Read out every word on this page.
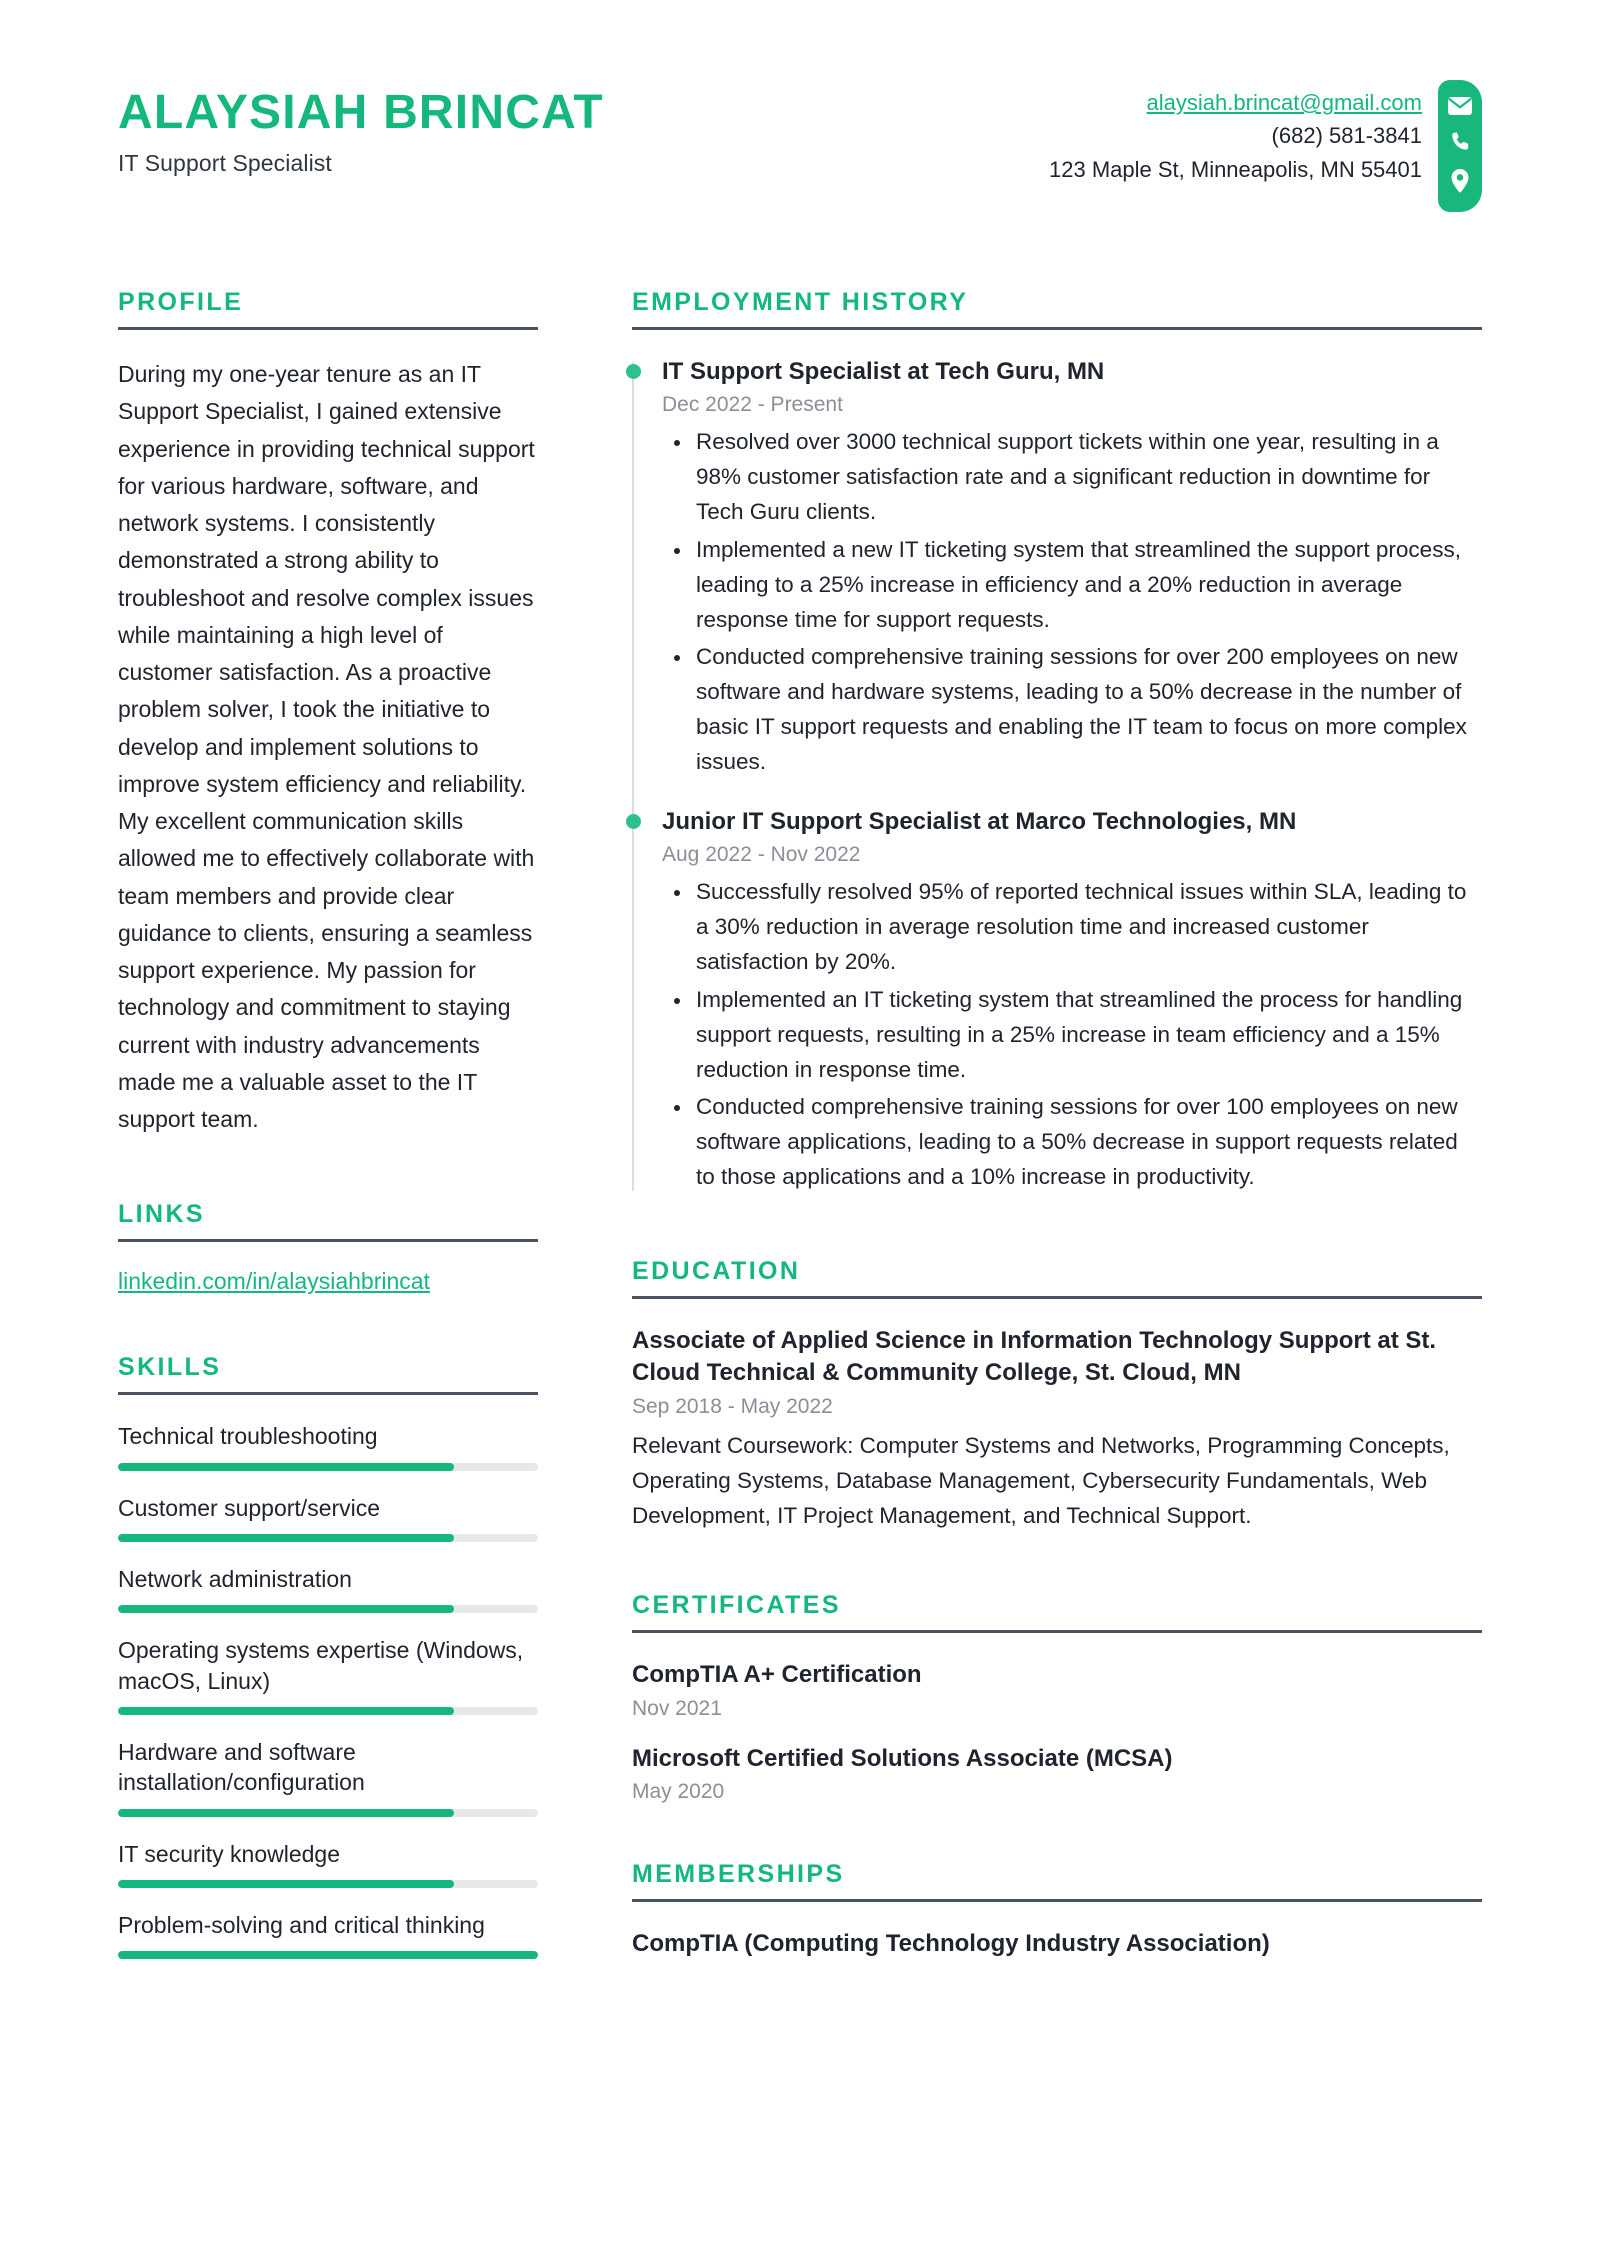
ALAYSIAH BRINCAT

IT Support Specialist

alaysiah.brincat@gmail.com
(682) 581-3841
123 Maple St, Minneapolis, MN 55401
PROFILE

During my one-year tenure as an IT Support Specialist, I gained extensive experience in providing technical support for various hardware, software, and network systems. I consistently demonstrated a strong ability to troubleshoot and resolve complex issues while maintaining a high level of customer satisfaction. As a proactive problem solver, I took the initiative to develop and implement solutions to improve system efficiency and reliability. My excellent communication skills allowed me to effectively collaborate with team members and provide clear guidance to clients, ensuring a seamless support experience. My passion for technology and commitment to staying current with industry advancements made me a valuable asset to the IT support team.

LINKS
linkedin.com/in/alaysiahbrincat
SKILLS
Technical troubleshooting
Customer support/service
Network administration
Operating systems expertise (Windows, macOS, Linux)
Hardware and software installation/configuration
IT security knowledge
Problem-solving and critical thinking
EMPLOYMENT HISTORY
IT Support Specialist at Tech Guru, MN

Dec 2022 - Present

Resolved over 3000 technical support tickets within one year, resulting in a 98% customer satisfaction rate and a significant reduction in downtime for Tech Guru clients.
Implemented a new IT ticketing system that streamlined the support process, leading to a 25% increase in efficiency and a 20% reduction in average response time for support requests.
Conducted comprehensive training sessions for over 200 employees on new software and hardware systems, leading to a 50% decrease in the number of basic IT support requests and enabling the IT team to focus on more complex issues.
Junior IT Support Specialist at Marco Technologies, MN

Aug 2022 - Nov 2022

Successfully resolved 95% of reported technical issues within SLA, leading to a 30% reduction in average resolution time and increased customer satisfaction by 20%.
Implemented an IT ticketing system that streamlined the process for handling support requests, resulting in a 25% increase in team efficiency and a 15% reduction in response time.
Conducted comprehensive training sessions for over 100 employees on new software applications, leading to a 50% decrease in support requests related to those applications and a 10% increase in productivity.
EDUCATION
Associate of Applied Science in Information Technology Support at St. Cloud Technical & Community College, St. Cloud, MN

Sep 2018 - May 2022

Relevant Coursework: Computer Systems and Networks, Programming Concepts, Operating Systems, Database Management, Cybersecurity Fundamentals, Web Development, IT Project Management, and Technical Support.

CERTIFICATES
CompTIA A+ Certification

Nov 2021

Microsoft Certified Solutions Associate (MCSA)

May 2020

MEMBERSHIPS
CompTIA (Computing Technology Industry Association)
